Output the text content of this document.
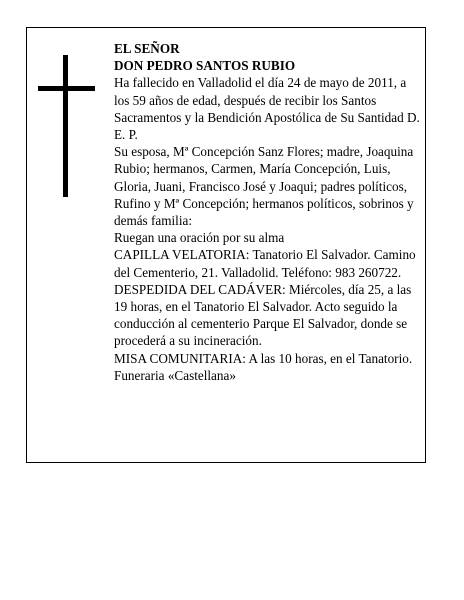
EL SEÑOR

DON PEDRO SANTOS RUBIO

Ha fallecido en Valladolid el día 24 de mayo de 2011, a los 59 años de edad, después de recibir los Santos Sacramentos y la Bendición Apostólica de Su Santidad D. E. P.

Su esposa, Mª Concepción Sanz Flores; madre, Joaquina Rubio; hermanos, Carmen, María Concepción, Luis, Gloria, Juani, Francisco José y Joaqui; padres políticos, Rufino y Mª Concepción; hermanos políticos, sobrinos y demás familia:

Ruegan una oración por su alma

CAPILLA VELATORIA: Tanatorio El Salvador. Camino del Cementerio, 21. Valladolid. Teléfono: 983 260722.

DESPEDIDA DEL CADÁVER: Miércoles, día 25, a las 19 horas, en el Tanatorio El Salvador. Acto seguido la conducción al cementerio Parque El Salvador, donde se procederá a su incineración.

MISA COMUNITARIA: A las 10 horas, en el Tanatorio.

Funeraria «Castellana»
